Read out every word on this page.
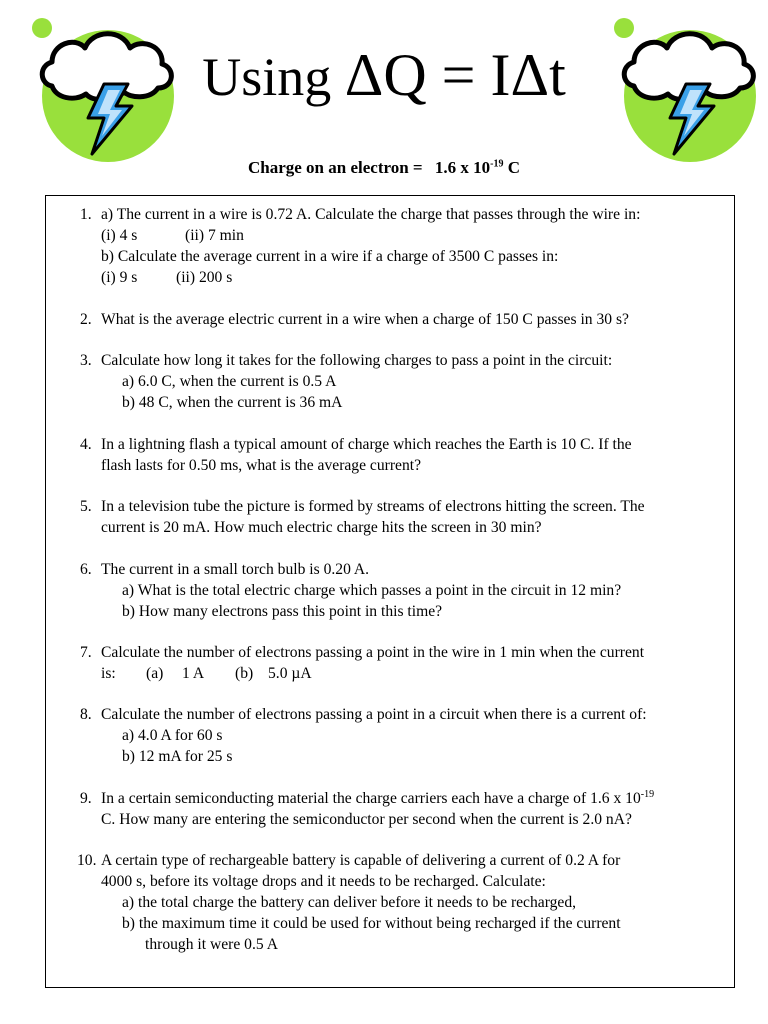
Using ΔQ = IΔt
Charge on an electron = 1.6 x $10^{-19}$ C
1. a) The current in a wire is 0.72 A. Calculate the charge that passes through the wire in:
(i) 4 s	(ii) 7 min
b) Calculate the average current in a wire if a charge of 3500 C passes in:
(i) 9 s (ii) 200 s
2. What is the average electric current in a wire when a charge of 150 C passes in 30 s?
3. Calculate how long it takes for the following charges to pass a point in the circuit:
a) 6.0 C, when the current is 0.5 A
b) 48 C, when the current is 36 mA
4. In a lightning flash a typical amount of charge which reaches the Earth is 10 C. If the
flash lasts for 0.50 ms, what is the average current?
5. In a television tube the picture is formed by streams of electrons hitting the screen. The
current is 20 mA. How much electric charge hits the screen in 30 min?
6. The current in a small torch bulb is 0.20 A.
a) What is the total electric charge which passes a point in the circuit in 12 min?
b) How many electrons pass this point in this time?
7. Calculate the number of electrons passing a point in the wire in 1 min when the current
is: (a) 1 A (b) 5.0 µA
8. Calculate the number of electrons passing a point in a circuit when there is a current of:
a) 4.0 A for 60 s
b) 12 mA for 25 s
9. In a certain semiconducting material the charge carriers each have a charge of 1.6 x $10^{-19}$
C. How many are entering the semiconductor per second when the current is 2.0 nA?
10. A certain type of rechargeable battery is capable of delivering a current of 0.2 A for
4000 s, before its voltage drops and it needs to be recharged. Calculate:
a) the total charge the battery can deliver before it needs to be recharged,
b) the maximum time it could be used for without being recharged if the current
through it were 0.5 A
